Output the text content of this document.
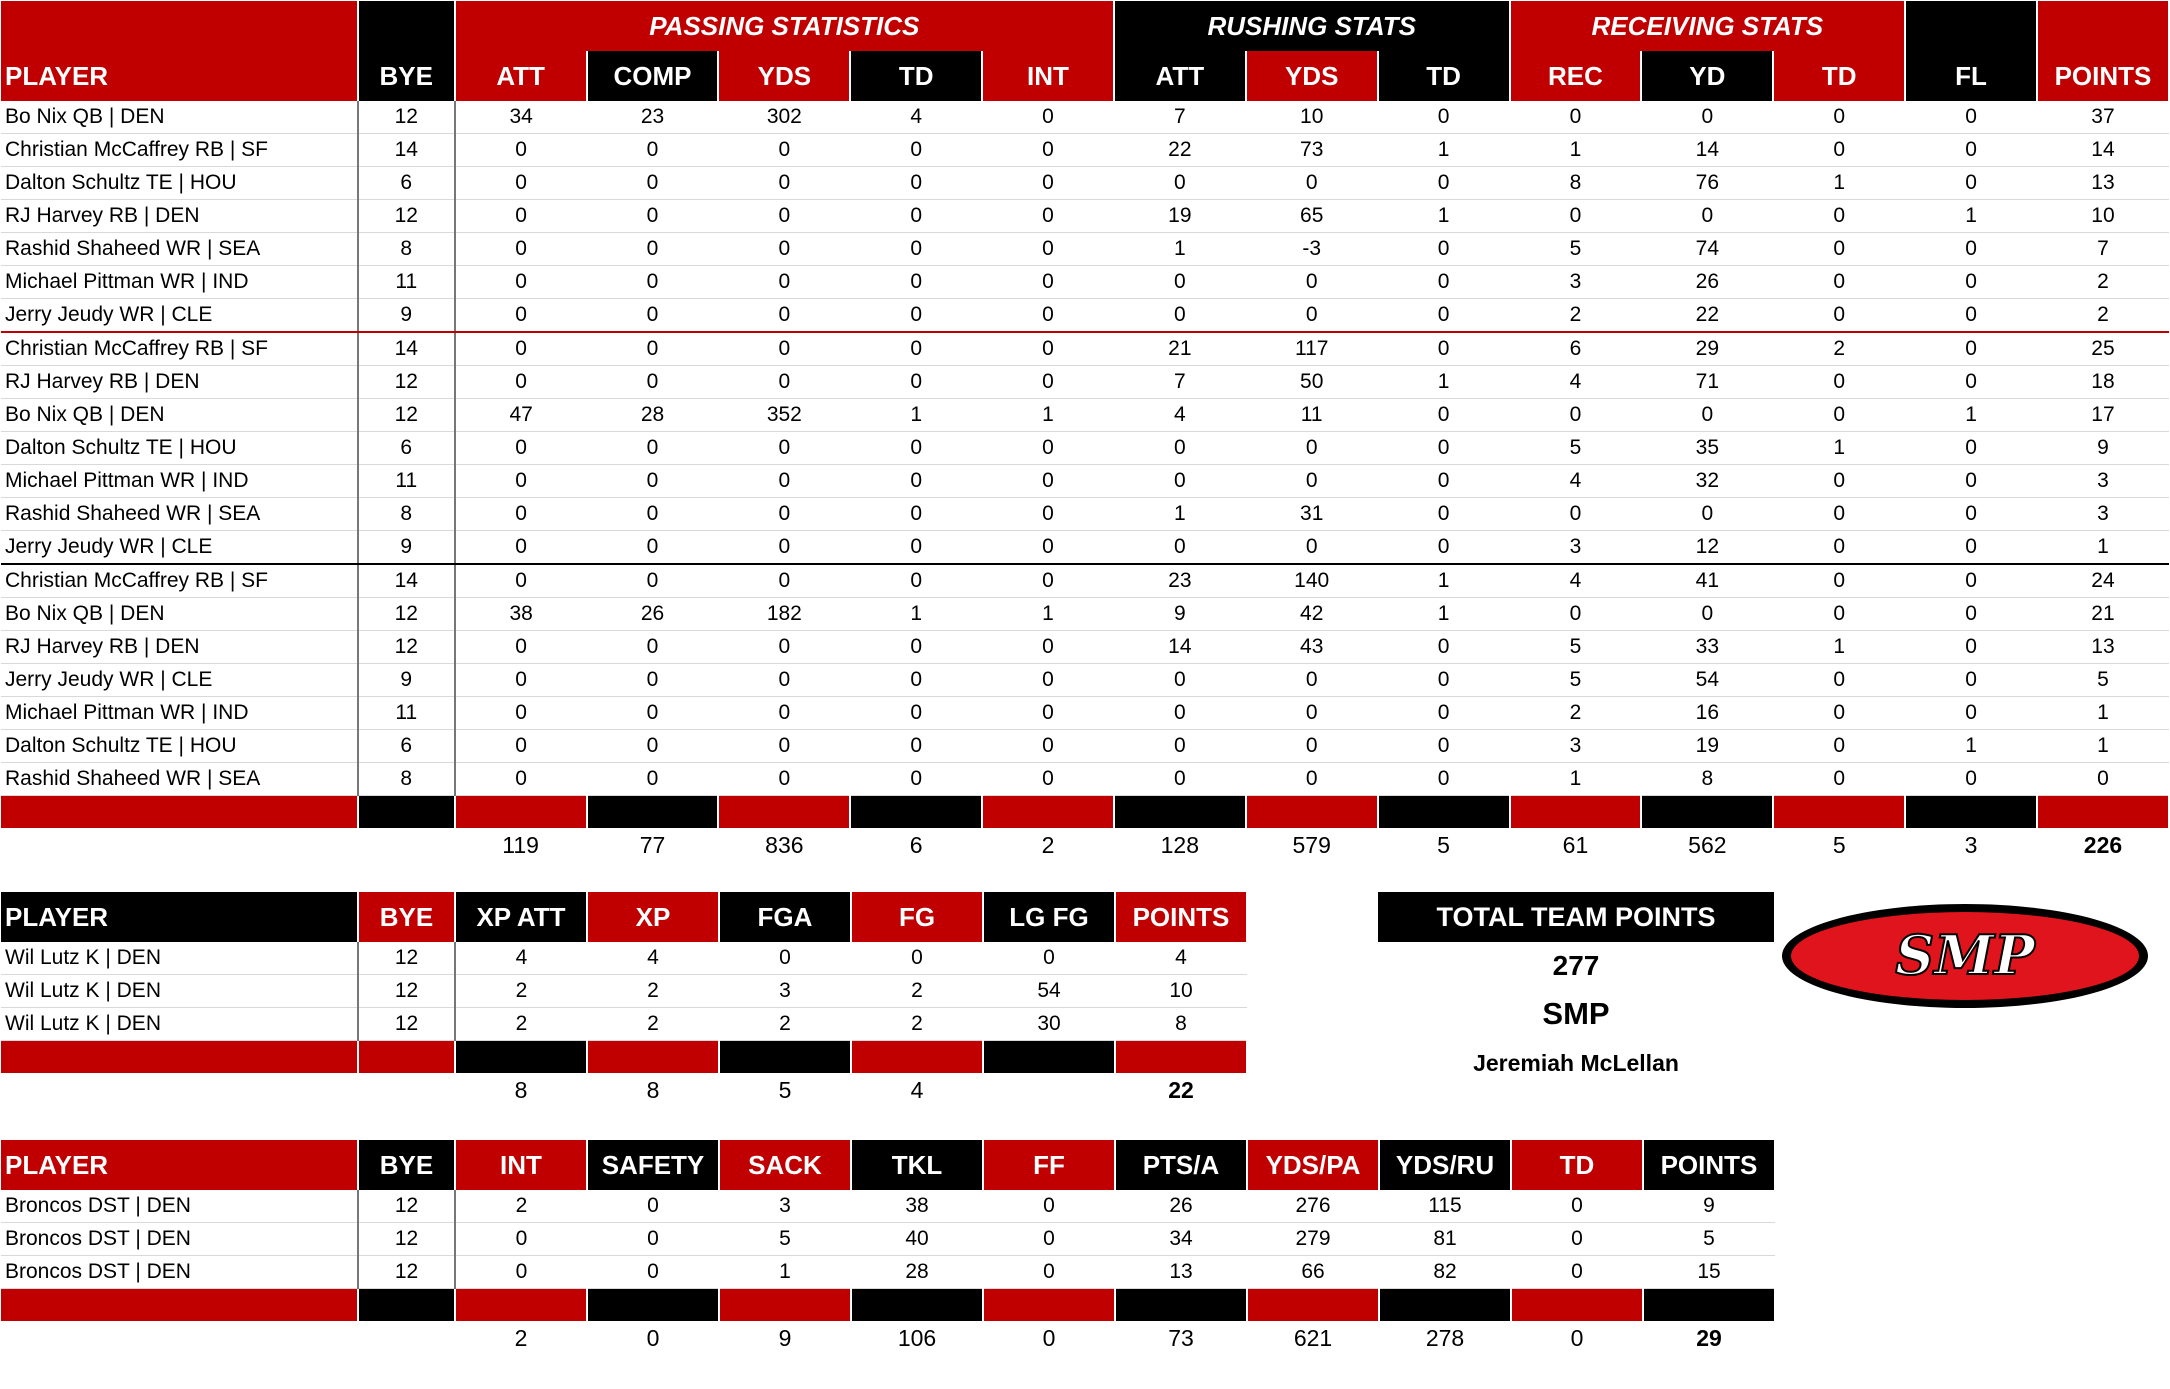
		PASSING STATISTICS					RUSHING STATS			RECEIVING STATS				
PLAYER	BYE	ATT	COMP	YDS	TD	INT	ATT	YDS	TD	REC	YD	TD	FL	POINTS
Bo Nix QB | DEN	12	34	23	302	4	0	7	10	0	0	0	0	0	37
Christian McCaffrey RB | SF	14	0	0	0	0	0	22	73	1	1	14	0	0	14
Dalton Schultz TE | HOU	6	0	0	0	0	0	0	0	0	8	76	1	0	13
RJ Harvey RB | DEN	12	0	0	0	0	0	19	65	1	0	0	0	1	10
Rashid Shaheed WR | SEA	8	0	0	0	0	0	1	-3	0	5	74	0	0	7
Michael Pittman WR | IND	11	0	0	0	0	0	0	0	0	3	26	0	0	2
Jerry Jeudy WR | CLE	9	0	0	0	0	0	0	0	0	2	22	0	0	2
Christian McCaffrey RB | SF	14	0	0	0	0	0	21	117	0	6	29	2	0	25
RJ Harvey RB | DEN	12	0	0	0	0	0	7	50	1	4	71	0	0	18
Bo Nix QB | DEN	12	47	28	352	1	1	4	11	0	0	0	0	1	17
Dalton Schultz TE | HOU	6	0	0	0	0	0	0	0	0	5	35	1	0	9
Michael Pittman WR | IND	11	0	0	0	0	0	0	0	0	4	32	0	0	3
Rashid Shaheed WR | SEA	8	0	0	0	0	0	1	31	0	0	0	0	0	3
Jerry Jeudy WR | CLE	9	0	0	0	0	0	0	0	0	3	12	0	0	1
Christian McCaffrey RB | SF	14	0	0	0	0	0	23	140	1	4	41	0	0	24
Bo Nix QB | DEN	12	38	26	182	1	1	9	42	1	0	0	0	0	21
RJ Harvey RB | DEN	12	0	0	0	0	0	14	43	0	5	33	1	0	13
Jerry Jeudy WR | CLE	9	0	0	0	0	0	0	0	0	5	54	0	0	5
Michael Pittman WR | IND	11	0	0	0	0	0	0	0	0	2	16	0	0	1
Dalton Schultz TE | HOU	6	0	0	0	0	0	0	0	0	3	19	0	1	1
Rashid Shaheed WR | SEA	8	0	0	0	0	0	0	0	0	1	8	0	0	0

		119	77	836	6	2	128	579	5	61	562	5	3	226
PLAYER	BYE	XP ATT	XP	FGA	FG	LG FG	POINTS
Wil Lutz K | DEN	12	4	4	0	0	0	4
Wil Lutz K | DEN	12	2	2	3	2	54	10
Wil Lutz K | DEN	12	2	2	2	2	30	8

		8	8	5	4		22
PLAYER	BYE	INT	SAFETY	SACK	TKL	FF	PTS/A	YDS/PA	YDS/RU	TD	POINTS
Broncos DST | DEN	12	2	0	3	38	0	26	276	115	0	9
Broncos DST | DEN	12	0	0	5	40	0	34	279	81	0	5
Broncos DST | DEN	12	0	0	1	28	0	13	66	82	0	15

		2	0	9	106	0	73	621	278	0	29
TOTAL TEAM POINTS
277
SMP
Jeremiah McLellan
SMP
